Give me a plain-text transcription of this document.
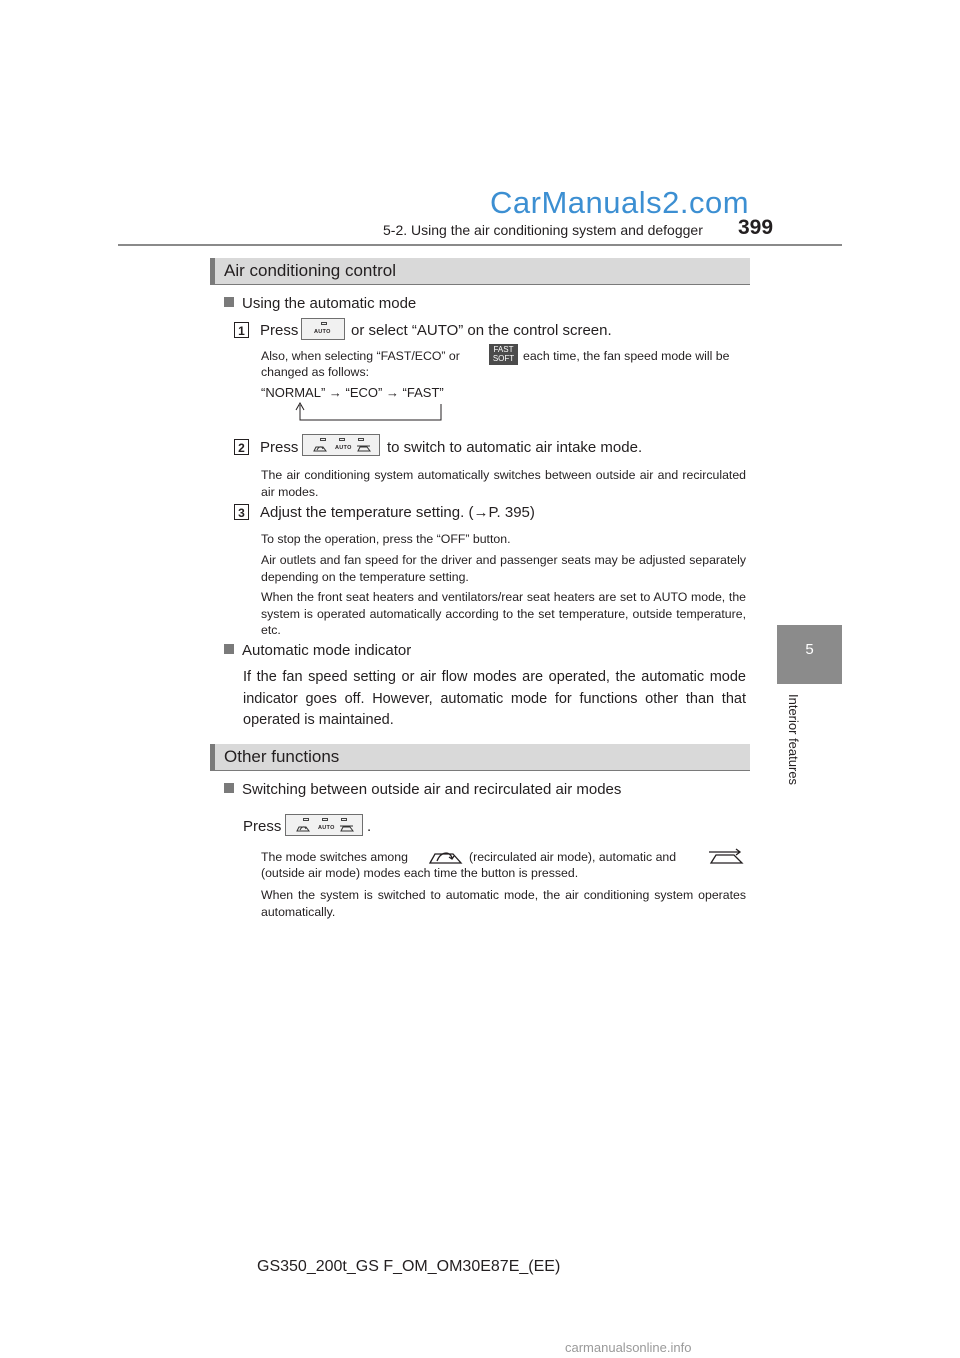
CarManuals2.com
5-2. Using the air conditioning system and defogger 399
5
Interior features
Air conditioning control
Using the automatic mode
1 Press	AUTO or select “AUTO” on the control screen.
Also, when selecting “FAST/ECO” or	FAST
SOFT each time, the fan speed mode will be
changed as follows:
“NORMAL” → “ECO” → “FAST”
2 Press	AUTO to switch to automatic air intake mode.
The air conditioning system automatically switches between outside air and recirculated air modes.
3 Adjust the temperature setting. (→P. 395)
To stop the operation, press the “OFF” button.
Air outlets and fan speed for the driver and passenger seats may be adjusted separately depending on the temperature setting.
When the front seat heaters and ventilators/rear seat heaters are set to AUTO mode, the system is operated automatically according to the set temperature, outside temperature, etc.
Automatic mode indicator
If the fan speed setting or air flow modes are operated, the automatic mode indicator goes off. However, automatic mode for functions other than that operated is maintained.
Other functions
Switching between outside air and recirculated air modes
Press	AUTO .
The mode switches among	(recirculated air mode), automatic and
(outside air mode) modes each time the button is pressed.
When the system is switched to automatic mode, the air conditioning system operates automatically.
GS350_200t_GS F_OM_OM30E87E_(EE)
carmanualsonline.info
